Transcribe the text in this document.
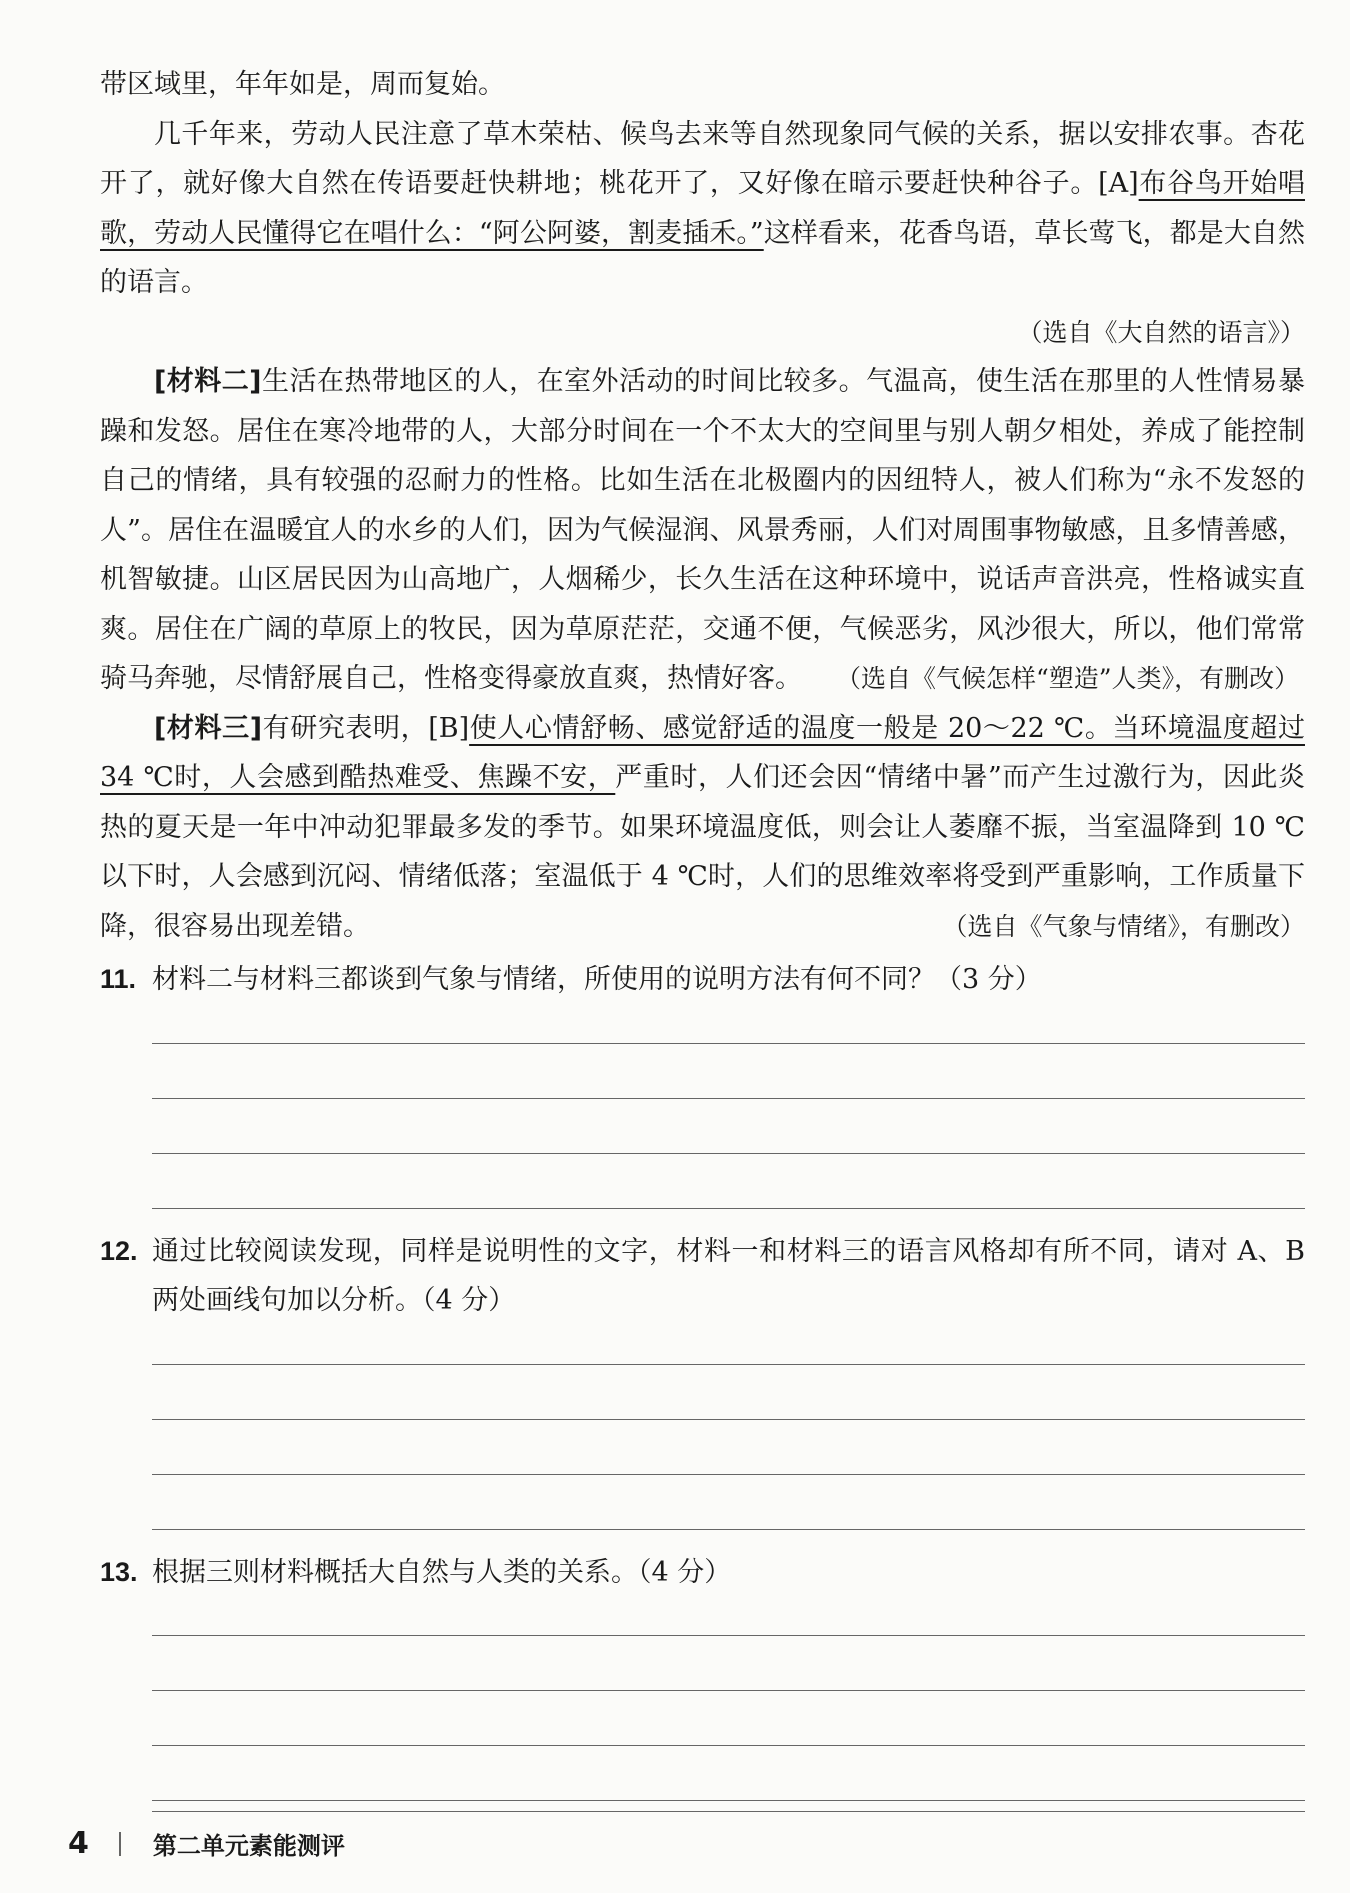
带区域里，年年如是，周而复始。

几千年来，劳动人民注意了草木荣枯、候鸟去来等自然现象同气候的关系，据以安排农事。杏花开了，就好像大自然在传语要赶快耕地；桃花开了，又好像在暗示要赶快种谷子。[A]布谷鸟开始唱歌，劳动人民懂得它在唱什么：“阿公阿婆，割麦插禾。”这样看来，花香鸟语，草长莺飞，都是大自然的语言。

（选自《大自然的语言》）

[材料二]生活在热带地区的人，在室外活动的时间比较多。气温高，使生活在那里的人性情易暴躁和发怒。居住在寒冷地带的人，大部分时间在一个不太大的空间里与别人朝夕相处，养成了能控制自己的情绪，具有较强的忍耐力的性格。比如生活在北极圈内的因纽特人，被人们称为“永不发怒的人”。居住在温暖宜人的水乡的人们，因为气候湿润、风景秀丽，人们对周围事物敏感，且多情善感，机智敏捷。山区居民因为山高地广，人烟稀少，长久生活在这种环境中，说话声音洪亮，性格诚实直爽。居住在广阔的草原上的牧民，因为草原茫茫，交通不便，气候恶劣，风沙很大，所以，他们常常骑马奔驰，尽情舒展自己，性格变得豪放直爽，热情好客。 （选自《气候怎样“塑造”人类》，有删改）

[材料三]有研究表明，[B]使人心情舒畅、感觉舒适的温度一般是 20～22 ℃。当环境温度超过 34 ℃时，人会感到酷热难受、焦躁不安，严重时，人们还会因“情绪中暑”而产生过激行为，因此炎热的夏天是一年中冲动犯罪最多发的季节。如果环境温度低，则会让人萎靡不振，当室温降到 10 ℃以下时，人会感到沉闷、情绪低落；室温低于 4 ℃时，人们的思维效率将受到严重影响，工作质量下降，很容易出现差错。	（选自《气象与情绪》，有删改）

11. 材料二与材料三都谈到气象与情绪，所使用的说明方法有何不同？（3 分）
12. 通过比较阅读发现，同样是说明性的文字，材料一和材料三的语言风格却有所不同，请对 A、B 两处画线句加以分析。（4 分）
13. 根据三则材料概括大自然与人类的关系。（4 分）
4	第二单元素能测评
